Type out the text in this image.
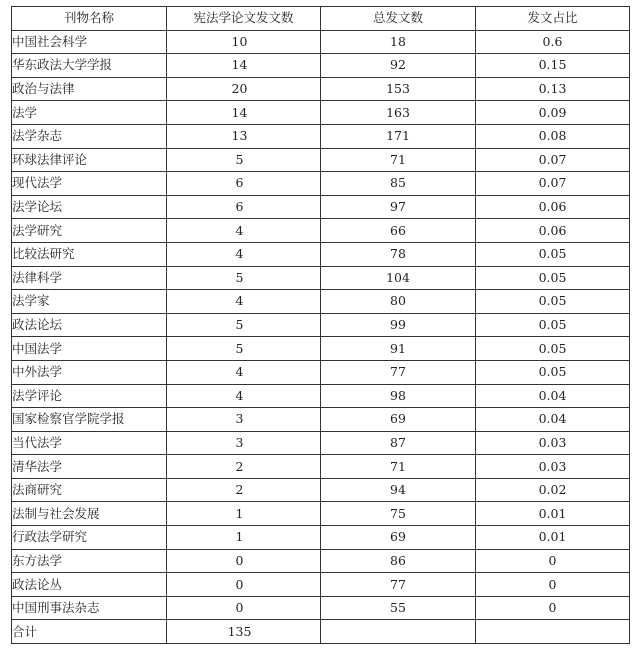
刊物名称	宪法学论文发文数	总发文数	发文占比
中国社会科学	10	18	0.6
华东政法大学学报	14	92	0.15
政治与法律	20	153	0.13
法学	14	163	0.09
法学杂志	13	171	0.08
环球法律评论	5	71	0.07
现代法学	6	85	0.07
法学论坛	6	97	0.06
法学研究	4	66	0.06
比较法研究	4	78	0.05
法律科学	5	104	0.05
法学家	4	80	0.05
政法论坛	5	99	0.05
中国法学	5	91	0.05
中外法学	4	77	0.05
法学评论	4	98	0.04
国家检察官学院学报	3	69	0.04
当代法学	3	87	0.03
清华法学	2	71	0.03
法商研究	2	94	0.02
法制与社会发展	1	75	0.01
行政法学研究	1	69	0.01
东方法学	0	86	0
政法论丛	0	77	0
中国刑事法杂志	0	55	0
合计	135		
